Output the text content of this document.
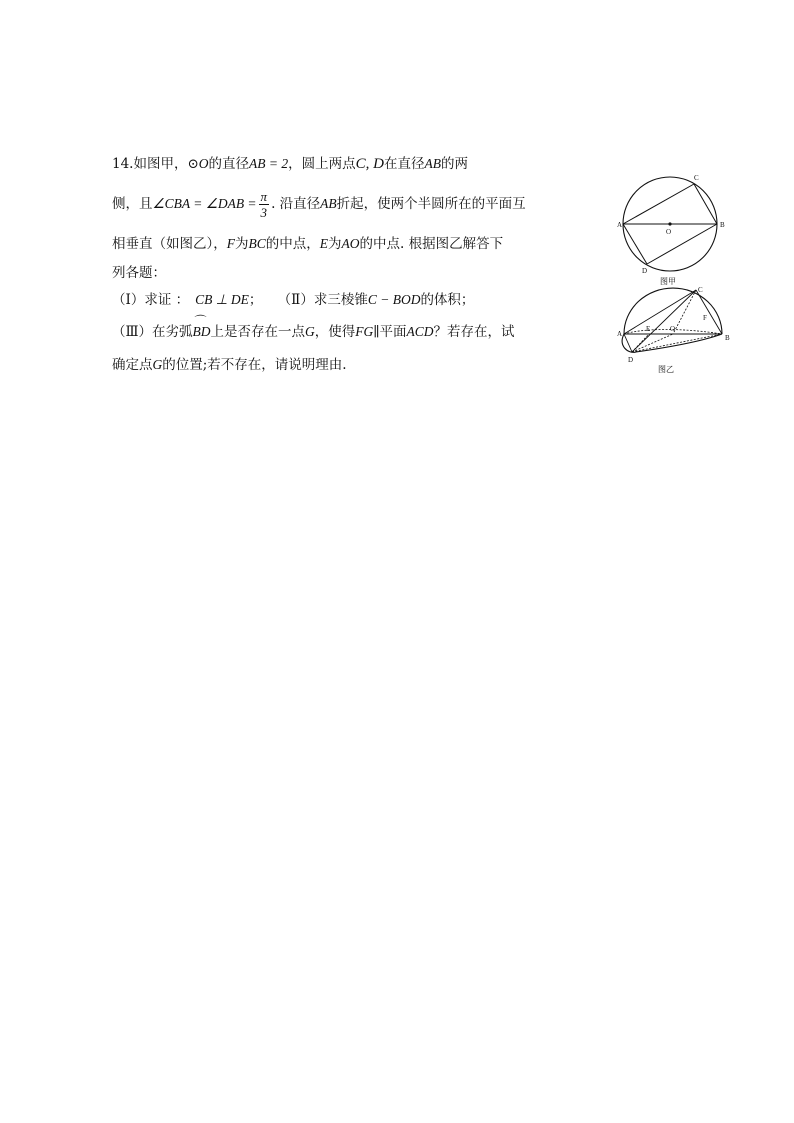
14.如图甲，⊙O的直径AB = 2，圆上两点C, D在直径AB的两
侧，且∠CBA = ∠DAB = $\frac{\pi}{3}$ . 沿直径AB折起，使两个半圆所在的平面互
相垂直（如图乙），F为BC的中点，E为AO的中点. 根据图乙解答下
列各题：
（Ⅰ）求证 ： CB ⊥ DE； （Ⅱ）求三棱锥C − BOD的体积；
（Ⅲ）在劣弧⌒ BD上是否存在一点G，使得FG∥平面ACD？若存在，试
确定点G的位置;若不存在，请说明理由.
A	B
C
D
O
图甲
A	B
C
D
O
E
F
图乙
